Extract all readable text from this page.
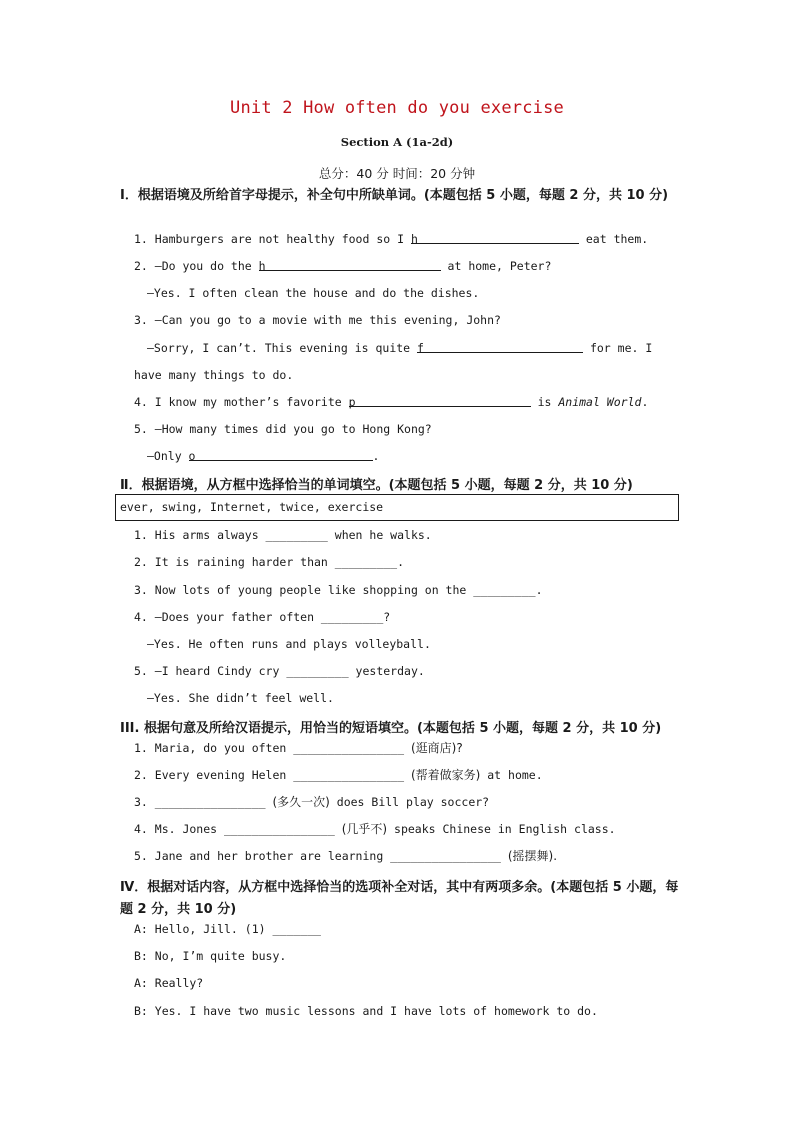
Unit 2 How often do you exercise
Section A (1a-2d)
总分：40 分 时间：20 分钟
Ⅰ．根据语境及所给首字母提示，补全句中所缺单词。(本题包括 5 小题，每题 2 分，共 10 分)
1. Hamburgers are not healthy food so I h	eat them.
2. —Do you do the h	at home, Peter?
—Yes. I often clean the house and do the dishes.
3. —Can you go to a movie with me this evening, John?
—Sorry, I can’t. This evening is quite f	for me. I
have many things to do.
4. I know my mother’s favorite p	is Animal World.
5. —How many times did you go to Hong Kong?
—Only o	.
Ⅱ．根据语境，从方框中选择恰当的单词填空。(本题包括 5 小题，每题 2 分，共 10 分)
ever, swing, Internet, twice, exercise
1. His arms always _________ when he walks.
2. It is raining harder than _________.
3. Now lots of young people like shopping on the _________.
4. —Does your father often _________?
—Yes. He often runs and plays volleyball.
5. —I heard Cindy cry _________ yesterday.
—Yes. She didn’t feel well.
III. 根据句意及所给汉语提示，用恰当的短语填空。(本题包括 5 小题，每题 2 分，共 10 分)
1. Maria, do you often ________________ (逛商店)?
2. Every evening Helen ________________ (帮着做家务) at home.
3. ________________ (多久一次) does Bill play soccer?
4. Ms. Jones ________________ (几乎不) speaks Chinese in English class.
5. Jane and her brother are learning ________________ (摇摆舞).
Ⅳ．根据对话内容，从方框中选择恰当的选项补全对话，其中有两项多余。(本题包括 5 小题，每题 2 分，共 10 分)
A: Hello, Jill. (1) _______
B: No, I’m quite busy.
A: Really?
B: Yes. I have two music lessons and I have lots of homework to do.
